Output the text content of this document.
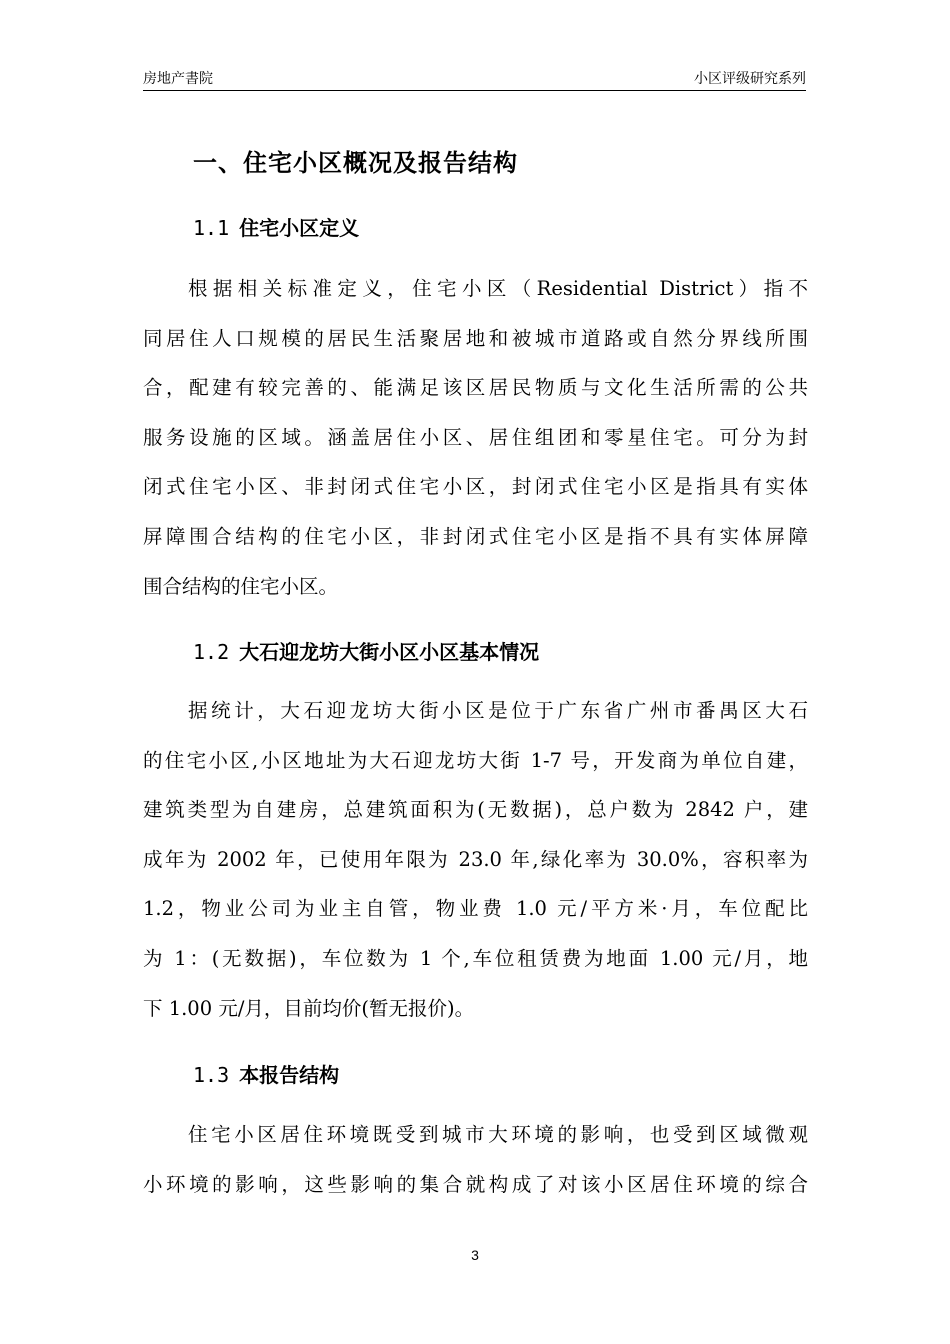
房地产書院	小区评级研究系列
一、住宅小区概况及报告结构
1.1 住宅小区定义
根据相关标准定义，住宅小区（Residential District）指不
同居住人口规模的居民生活聚居地和被城市道路或自然分界线所围
合，配建有较完善的、能满足该区居民物质与文化生活所需的公共
服务设施的区域。涵盖居住小区、居住组团和零星住宅。可分为封
闭式住宅小区、非封闭式住宅小区，封闭式住宅小区是指具有实体
屏障围合结构的住宅小区，非封闭式住宅小区是指不具有实体屏障
围合结构的住宅小区。
1.2 大石迎龙坊大街小区小区基本情况
据统计，大石迎龙坊大街小区是位于广东省广州市番禺区大石
的住宅小区,小区地址为大石迎龙坊大街 1-7 号，开发商为单位自建，
建筑类型为自建房，总建筑面积为(无数据)，总户数为 2842 户，建
成年为 2002 年，已使用年限为 23.0 年,绿化率为 30.0%，容积率为
1.2，物业公司为业主自管，物业费 1.0 元/平方米·月，车位配比
为 1：(无数据)，车位数为 1 个,车位租赁费为地面 1.00 元/月，地
下 1.00 元/月，目前均价(暂无报价)。
1.3 本报告结构
住宅小区居住环境既受到城市大环境的影响，也受到区域微观
小环境的影响，这些影响的集合就构成了对该小区居住环境的综合
3
